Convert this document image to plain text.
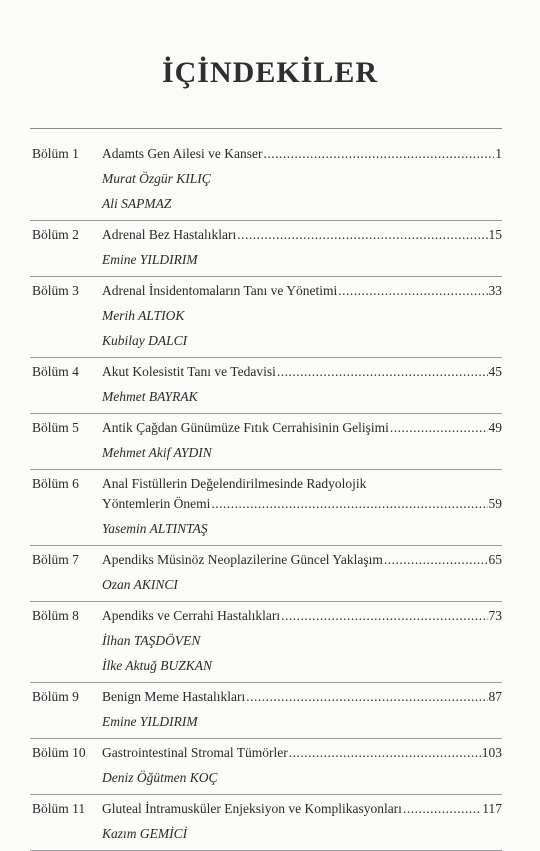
İÇİNDEKİLER
Bölüm 1	Adamts Gen Ailesi ve Kanser .....	1
Murat Özgür KILIÇ
Ali SAPMAZ
Bölüm 2	Adrenal Bez Hastalıkları .....	15
Emine YILDIRIM
Bölüm 3	Adrenal İnsidentomaların Tanı ve Yönetimi .....	33
Merih ALTIOK
Kubilay DALCI
Bölüm 4	Akut Kolesistit Tanı ve Tedavisi .....	45
Mehmet BAYRAK
Bölüm 5	Antik Çağdan Günümüze Fıtık Cerrahisinin Gelişimi .....	49
Mehmet Akif AYDIN
Bölüm 6	Anal Fistüllerin Değelendirilmesinde Radyolojik
Yöntemlerin Önemi .....	59
Yasemin ALTINTAŞ
Bölüm 7	Apendiks Müsinöz Neoplazilerine Güncel Yaklaşım .....	65
Ozan AKINCI
Bölüm 8	Apendiks ve Cerrahi Hastalıkları .....	73
İlhan TAŞDÖVEN
İlke Aktuğ BUZKAN
Bölüm 9	Benign Meme Hastalıkları .....	87
Emine YILDIRIM
Bölüm 10	Gastrointestinal Stromal Tümörler .....	103
Deniz Öğütmen KOÇ
Bölüm 11	Gluteal İntramusküler Enjeksiyon ve Komplikasyonları .....	117
Kazım GEMİCİ
